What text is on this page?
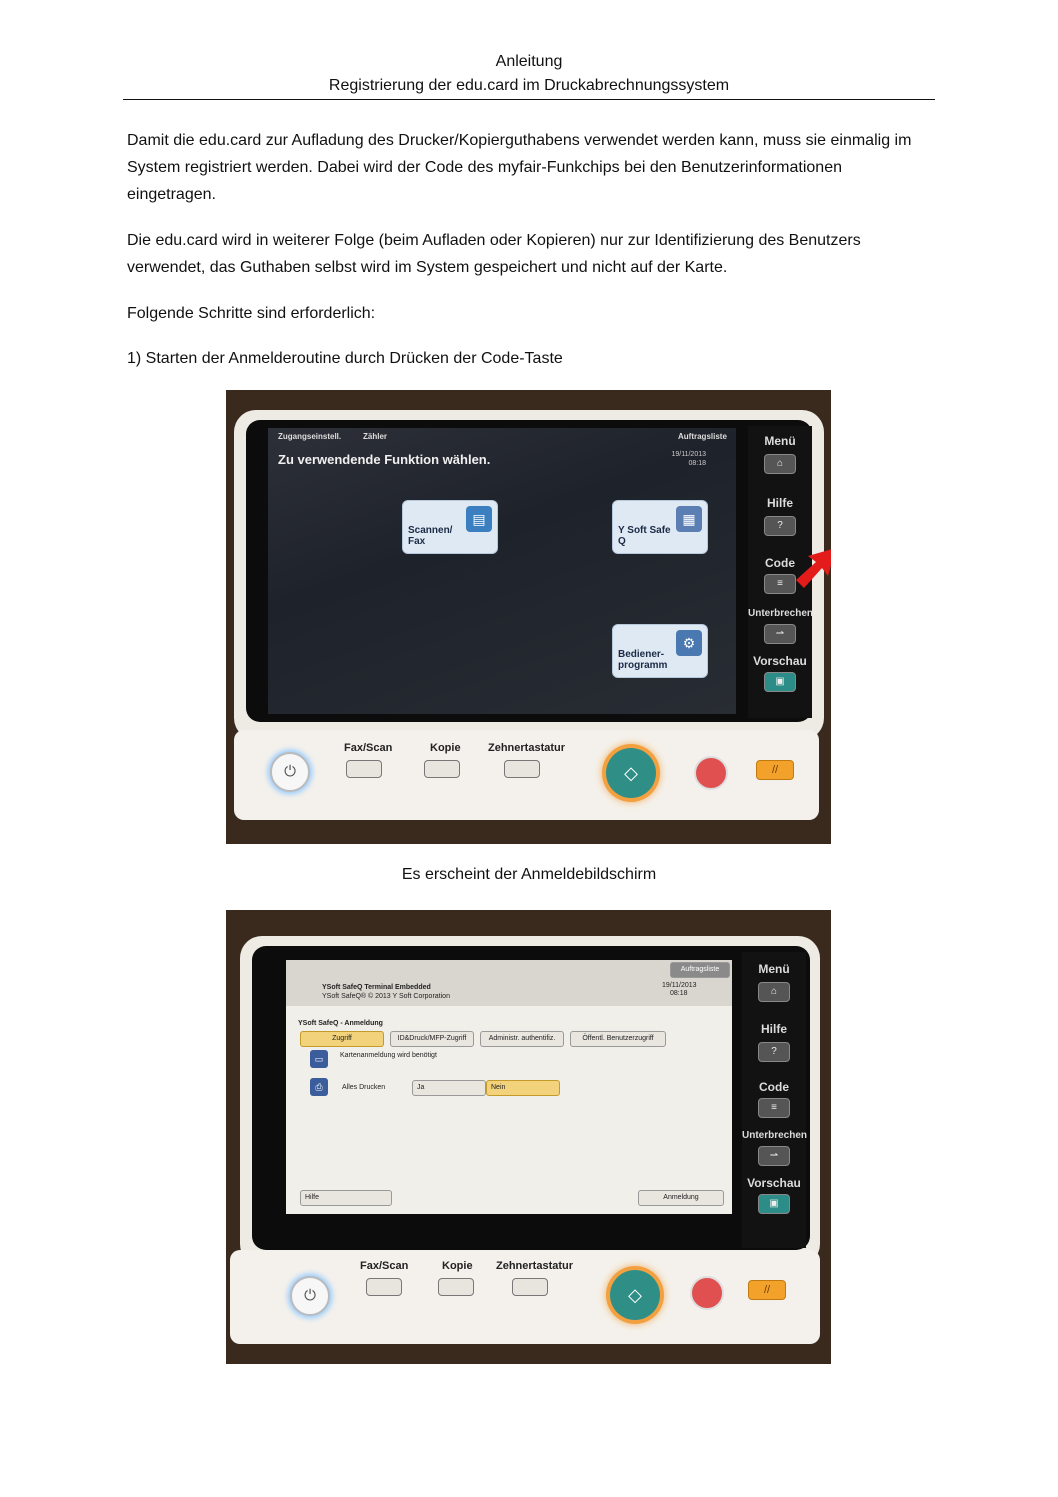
Anleitung
Registrierung der edu.card im Druckabrechnungssystem
Damit die edu.card zur Aufladung des Drucker/Kopierguthabens verwendet werden kann, muss sie einmalig im System registriert werden. Dabei wird der Code des myfair-Funkchips bei den Benutzerinformationen eingetragen.
Die edu.card wird in weiterer Folge (beim Aufladen oder Kopieren) nur zur Identifizierung des Benutzers verwendet, das Guthaben selbst wird im System gespeichert und nicht auf der Karte.
Folgende Schritte sind erforderlich:
1) Starten der Anmelderoutine durch Drücken der Code-Taste
Zugangseinstell.	Zähler	Auftragsliste
Zu verwendende Funktion wählen.	19/11/2013
08:18
▤
Scannen/ Fax
▦
Y Soft Safe Q
⚙
Bediener- programm
Menü
⌂
Hilfe
?
Code
≡
Unterbrechen
⇀
Vorschau
▣
⏻
Fax/Scan	Kopie Zehnertastatur
◇	//
Es erscheint der Anmeldebildschirm
Auftragsliste
YSoft SafeQ Terminal Embedded
YSoft SafeQ® © 2013 Y Soft Corporation
19/11/2013
08:18
YSoft SafeQ - Anmeldung
Zugriff	ID&Druck/MFP-Zugriff	Administr. authentifiz.	Öffentl. Benutzerzugriff
▭	Kartenanmeldung wird benötigt
⎙	Alles Drucken	Ja	Nein
Hilfe	Anmeldung
Menü
⌂
Hilfe
?
Code
≡
Unterbrechen
⇀
Vorschau
▣
⏻
Fax/Scan	Kopie Zehnertastatur
◇	//
